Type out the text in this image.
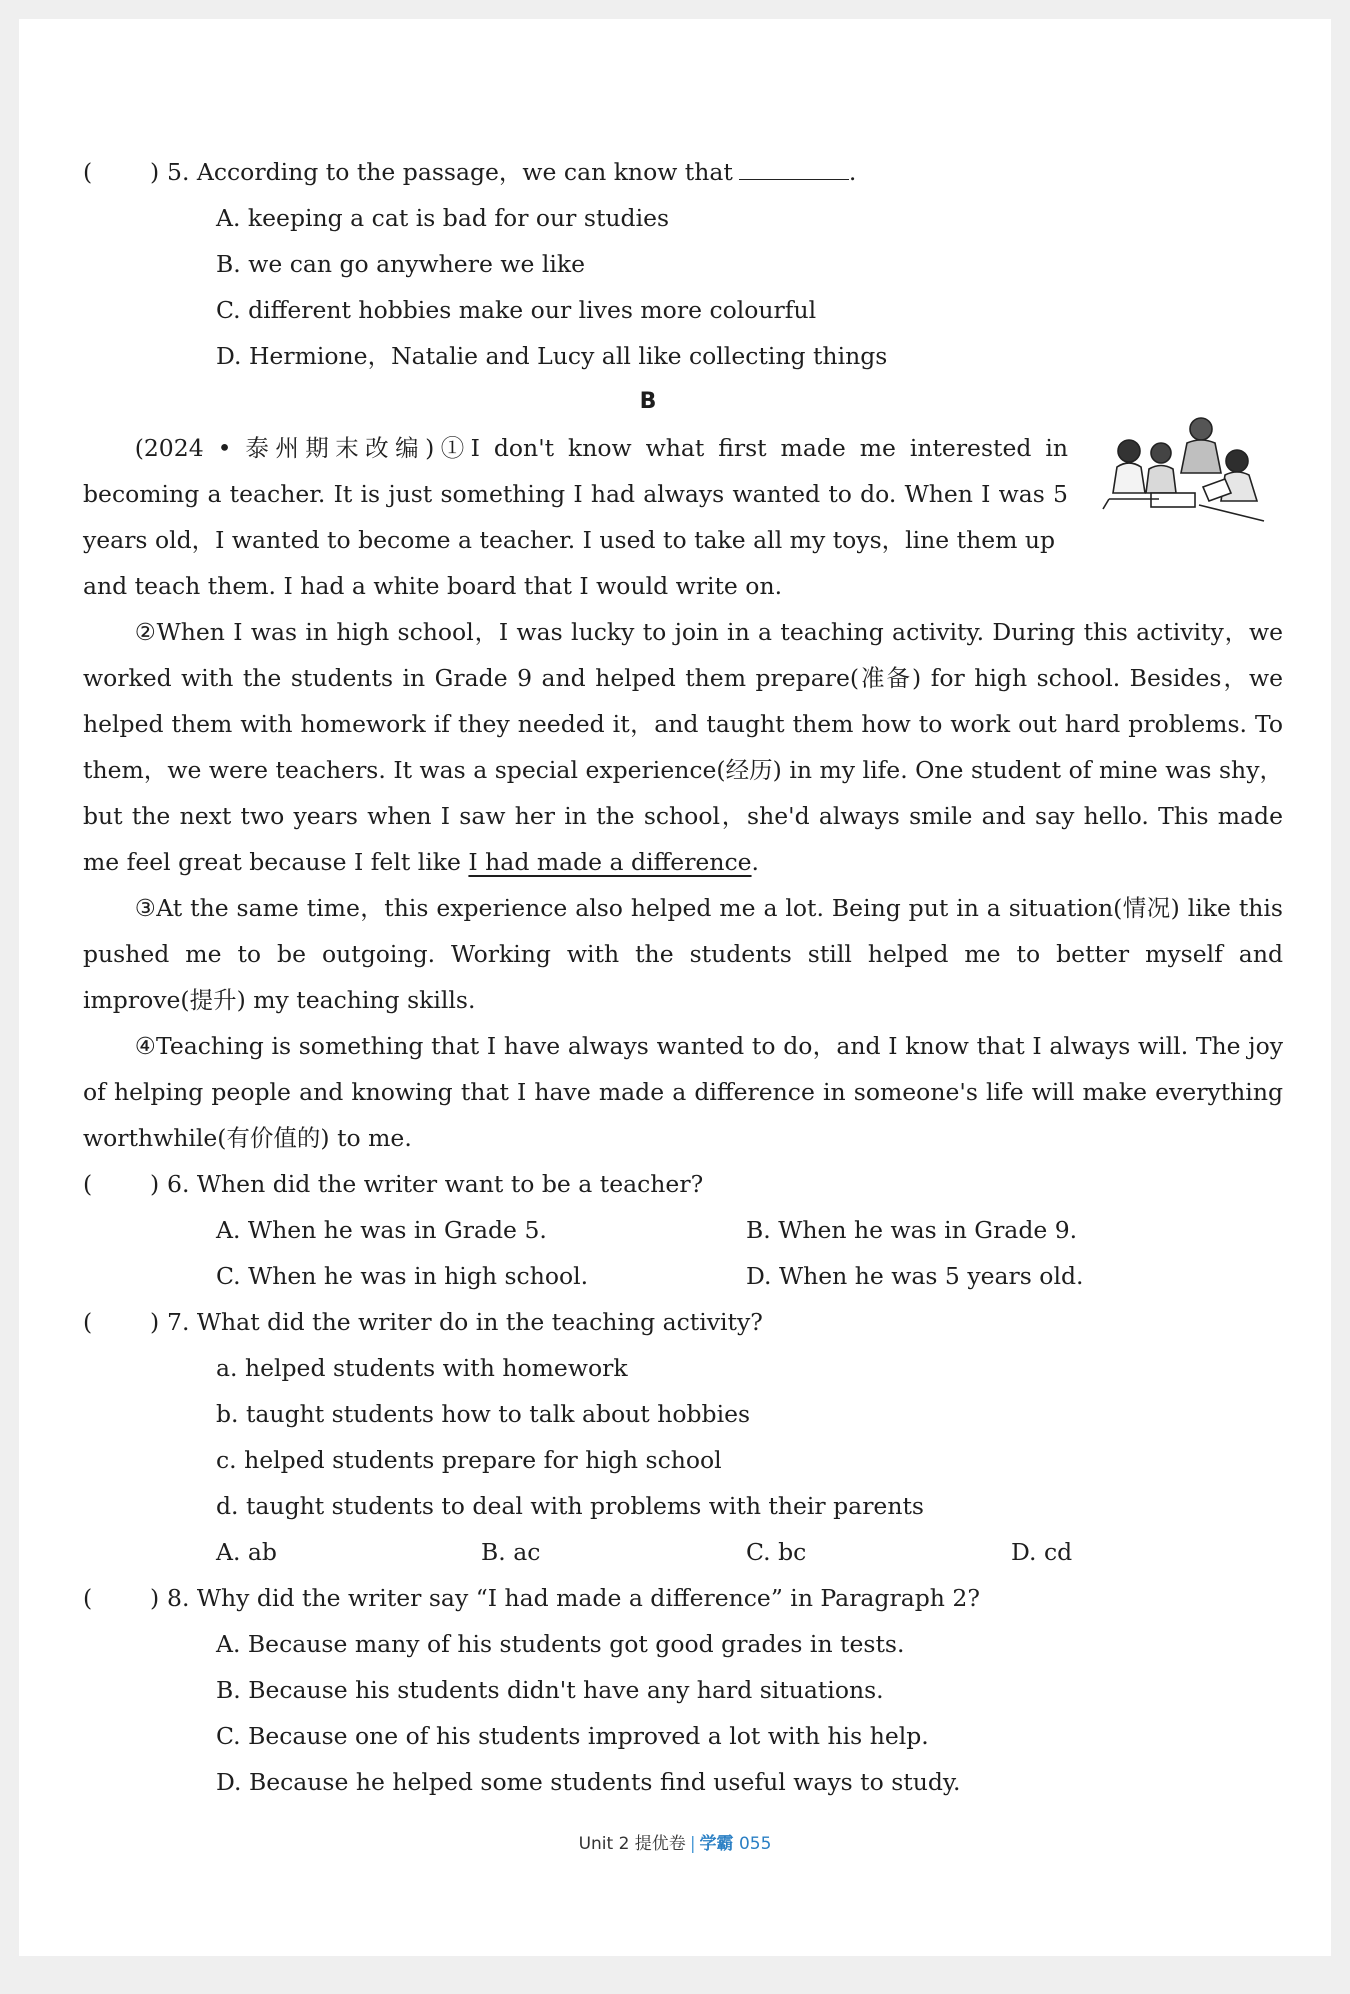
( ) 5. According to the passage，we can know that	.
A. keeping a cat is bad for our studies
B. we can go anywhere we like
C. different hobbies make our lives more colourful
D. Hermione，Natalie and Lucy all like collecting things
B

(2024 • 泰州期末改编)①I don't know what first made me interested in becoming a teacher. It is just something I had always wanted to do. When I was 5 years old，I wanted to become a teacher. I used to take all my toys，line them up

and teach them. I had a white board that I would write on.

②When I was in high school，I was lucky to join in a teaching activity. During this activity，we worked with the students in Grade 9 and helped them prepare(准备) for high school. Besides，we helped them with homework if they needed it，and taught them how to work out hard problems. To them，we were teachers. It was a special experience(经历) in my life. One student of mine was shy，but the next two years when I saw her in the school，she'd always smile and say hello. This made me feel great because I felt like I had made a difference.

③At the same time，this experience also helped me a lot. Being put in a situation(情况) like this pushed me to be outgoing. Working with the students still helped me to better myself and improve(提升) my teaching skills.

④Teaching is something that I have always wanted to do，and I know that I always will. The joy of helping people and knowing that I have made a difference in someone's life will make everything worthwhile(有价值的) to me.

( ) 6. When did the writer want to be a teacher?
A. When he was in Grade 5.	B. When he was in Grade 9.
C. When he was in high school.	D. When he was 5 years old.
( ) 7. What did the writer do in the teaching activity?
a. helped students with homework
b. taught students how to talk about hobbies
c. helped students prepare for high school
d. taught students to deal with problems with their parents
A. ab	B. ac	C. bc	D. cd
( ) 8. Why did the writer say “I had made a difference” in Paragraph 2?
A. Because many of his students got good grades in tests.
B. Because his students didn't have any hard situations.
C. Because one of his students improved a lot with his help.
D. Because he helped some students find useful ways to study.
Unit 2 提优卷 | 学霸 055
